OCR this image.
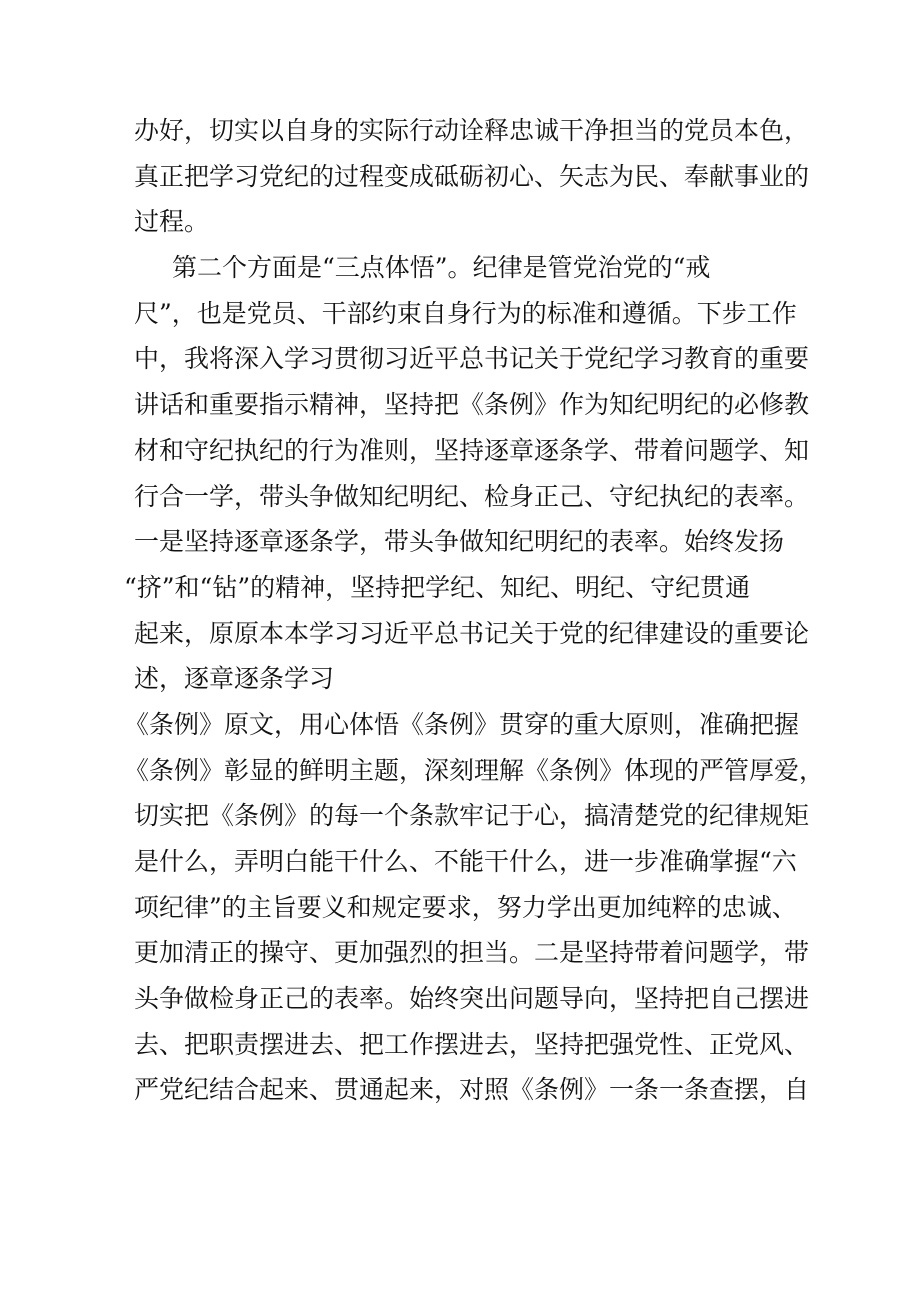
办好，切实以自身的实际行动诠释忠诚干净担当的党员本色，
真正把学习党纪的过程变成砥砺初心、矢志为民、奉献事业的
过程。
第二个方面是“三点体悟”。纪律是管党治党的“戒
尺”，也是党员、干部约束自身行为的标准和遵循。下步工作
中，我将深入学习贯彻习近平总书记关于党纪学习教育的重要
讲话和重要指示精神，坚持把《条例》作为知纪明纪的必修教
材和守纪执纪的行为准则，坚持逐章逐条学、带着问题学、知
行合一学，带头争做知纪明纪、检身正己、守纪执纪的表率。
一是坚持逐章逐条学，带头争做知纪明纪的表率。始终发扬
“挤”和“钻”的精神，坚持把学纪、知纪、明纪、守纪贯通
起来，原原本本学习习近平总书记关于党的纪律建设的重要论
述，逐章逐条学习
《条例》原文，用心体悟《条例》贯穿的重大原则，准确把握
《条例》彰显的鲜明主题，深刻理解《条例》体现的严管厚爱，
切实把《条例》的每一个条款牢记于心，搞清楚党的纪律规矩
是什么，弄明白能干什么、不能干什么，进一步准确掌握“六
项纪律”的主旨要义和规定要求，努力学出更加纯粹的忠诚、
更加清正的操守、更加强烈的担当。二是坚持带着问题学，带
头争做检身正己的表率。始终突出问题导向，坚持把自己摆进
去、把职责摆进去、把工作摆进去，坚持把强党性、正党风、
严党纪结合起来、贯通起来，对照《条例》一条一条查摆，自
